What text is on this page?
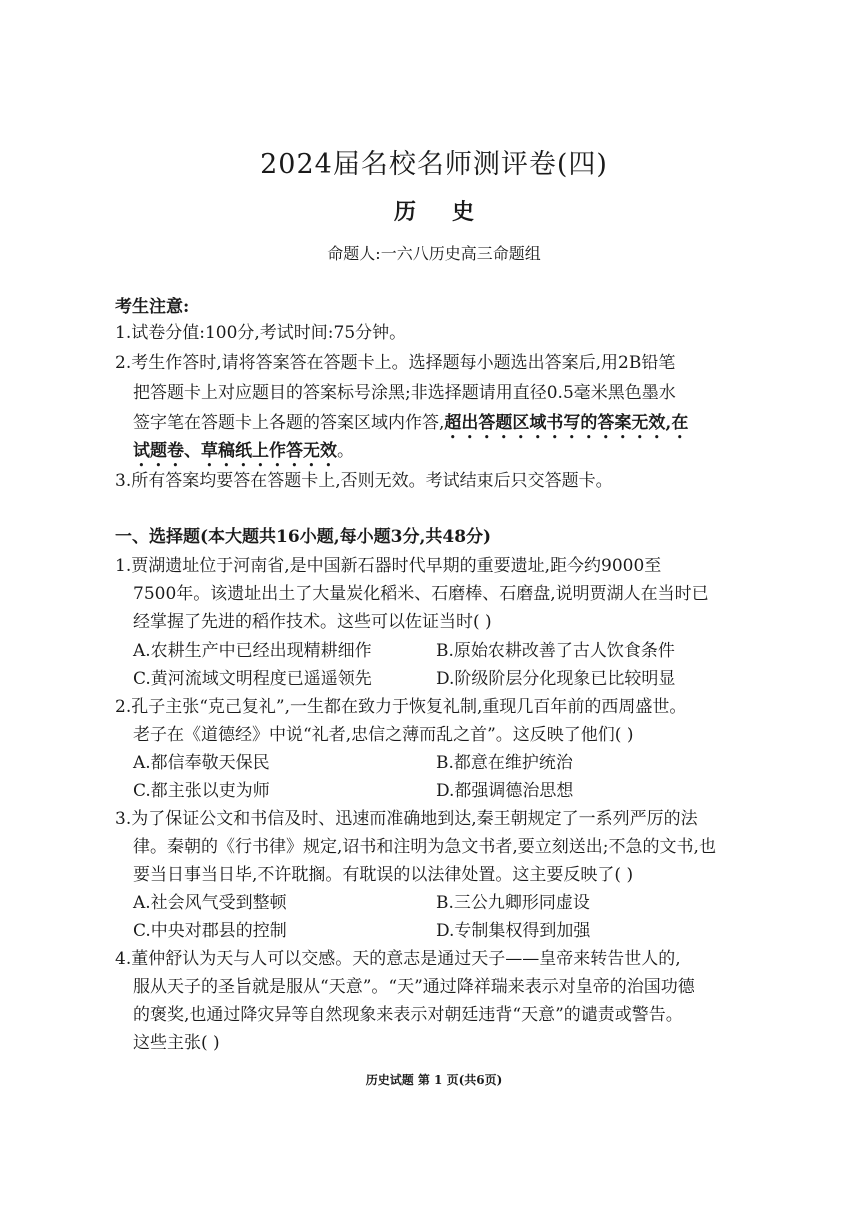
2024届名校名师测评卷(四)
历史
命题人:一六八历史高三命题组
考生注意:
1.试卷分值:100分,考试时间:75分钟。
2.考生作答时,请将答案答在答题卡上。选择题每小题选出答案后,用2B铅笔
把答题卡上对应题目的答案标号涂黑;非选择题请用直径0.5毫米黑色墨水
签字笔在答题卡上各题的答案区域内作答,超出答题区域书写的答案无效,在
试题卷、草稿纸上作答无效。
3.所有答案均要答在答题卡上,否则无效。考试结束后只交答题卡。
一、选择题(本大题共16小题,每小题3分,共48分)
1.贾湖遗址位于河南省,是中国新石器时代早期的重要遗址,距今约9000至
7500年。该遗址出土了大量炭化稻米、石磨棒、石磨盘,说明贾湖人在当时已
经掌握了先进的稻作技术。这些可以佐证当时( )
A.农耕生产中已经出现精耕细作	B.原始农耕改善了古人饮食条件
C.黄河流域文明程度已遥遥领先	D.阶级阶层分化现象已比较明显
2.孔子主张“克己复礼”,一生都在致力于恢复礼制,重现几百年前的西周盛世。
老子在《道德经》中说“礼者,忠信之薄而乱之首”。这反映了他们( )
A.都信奉敬天保民	B.都意在维护统治
C.都主张以吏为师	D.都强调德治思想
3.为了保证公文和书信及时、迅速而准确地到达,秦王朝规定了一系列严厉的法
律。秦朝的《行书律》规定,诏书和注明为急文书者,要立刻送出;不急的文书,也
要当日事当日毕,不许耽搁。有耽误的以法律处置。这主要反映了( )
A.社会风气受到整顿	B.三公九卿形同虚设
C.中央对郡县的控制	D.专制集权得到加强
4.董仲舒认为天与人可以交感。天的意志是通过天子——皇帝来转告世人的,
服从天子的圣旨就是服从“天意”。“天”通过降祥瑞来表示对皇帝的治国功德
的褒奖,也通过降灾异等自然现象来表示对朝廷违背“天意”的谴责或警告。
这些主张( )
历史试题 第 1 页(共6页)
